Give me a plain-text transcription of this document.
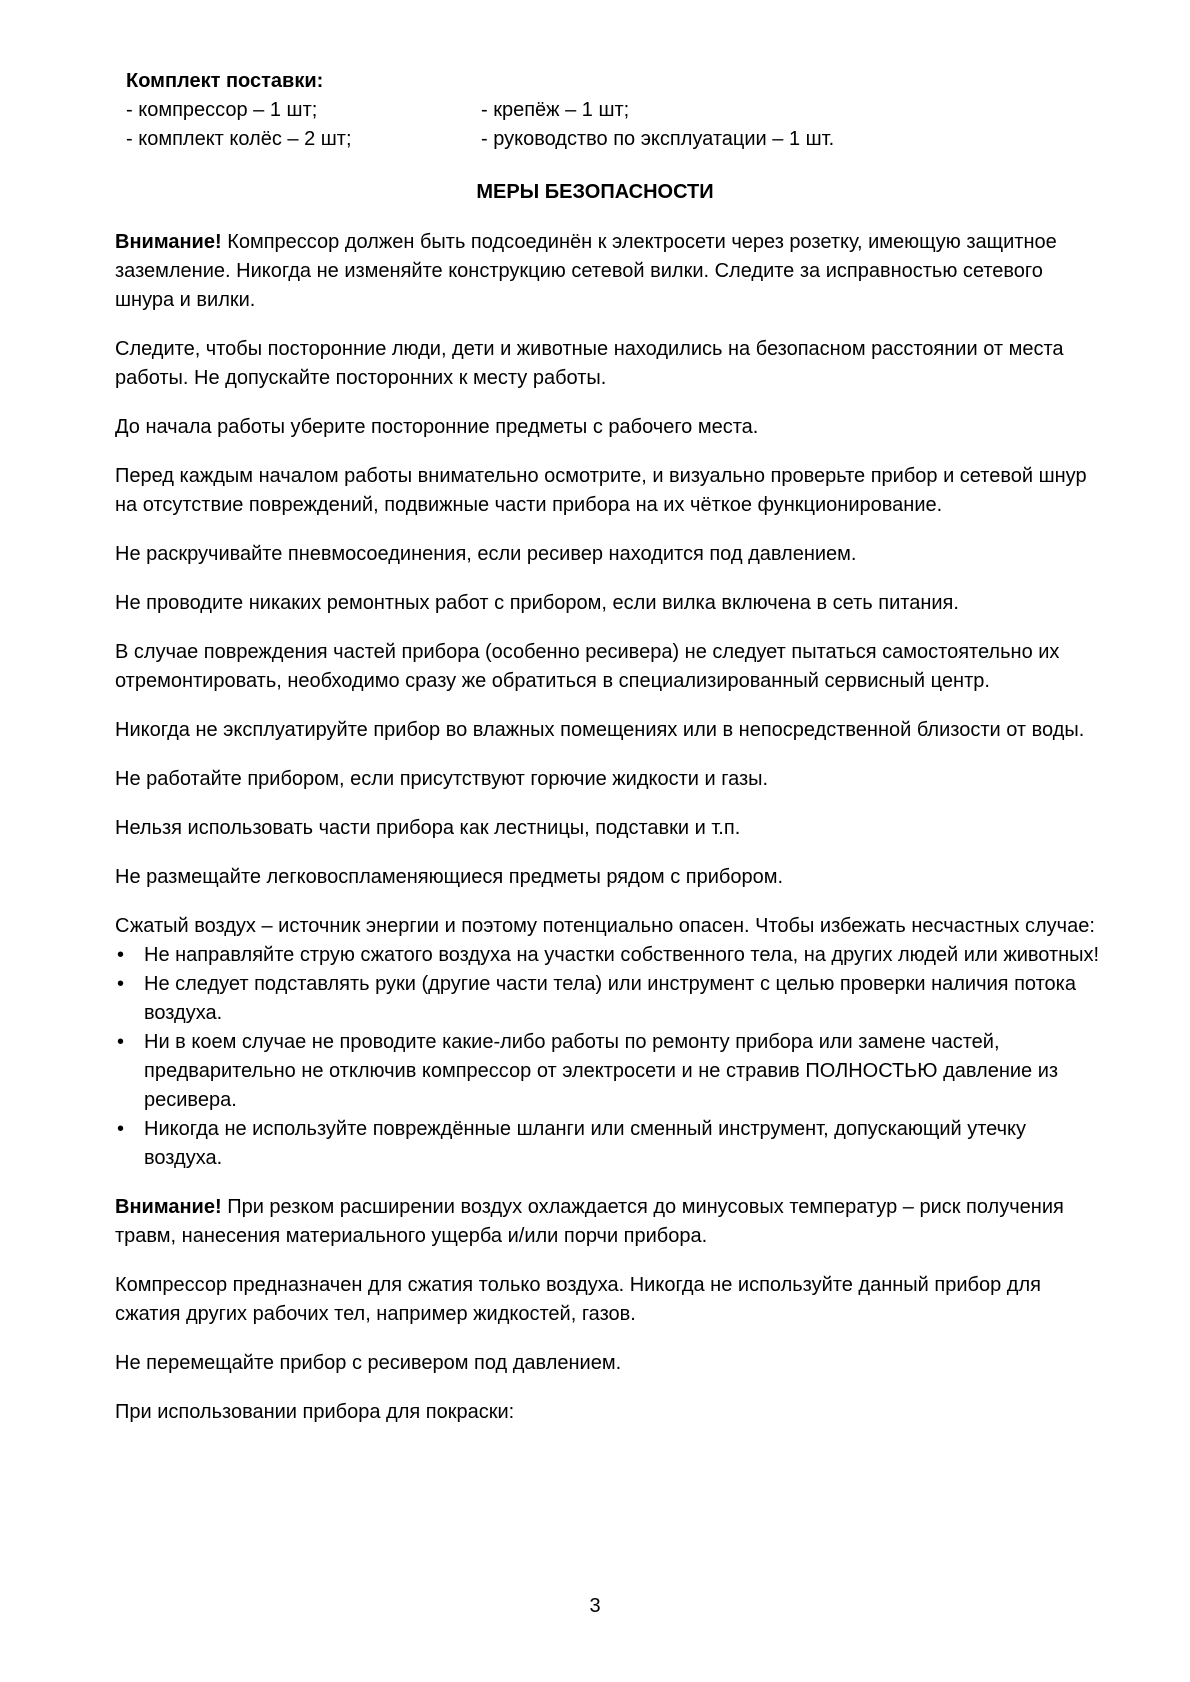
Комплект поставки:
- компрессор – 1 шт;	- крепёж – 1 шт;
- комплект колёс – 2 шт;	- руководство по эксплуатации – 1 шт.
МЕРЫ БЕЗОПАСНОСТИ

Внимание! Компрессор должен быть подсоединён к электросети через розетку, имеющую защитное заземление. Никогда не изменяйте конструкцию сетевой вилки. Следите за исправностью сетевого шнура и вилки.

Следите, чтобы посторонние люди, дети и животные находились на безопасном расстоянии от места работы. Не допускайте посторонних к месту работы.

До начала работы уберите посторонние предметы с рабочего места.

Перед каждым началом работы внимательно осмотрите, и визуально проверьте прибор и сетевой шнур на отсутствие повреждений, подвижные части прибора на их чёткое функционирование.

Не раскручивайте пневмосоединения, если ресивер находится под давлением.

Не проводите никаких ремонтных работ с прибором, если вилка включена в сеть питания.

В случае повреждения частей прибора (особенно ресивера) не следует пытаться самостоятельно их отремонтировать, необходимо сразу же обратиться в специализированный сервисный центр.

Никогда не эксплуатируйте прибор во влажных помещениях или в непосредственной близости от воды.

Не работайте прибором, если присутствуют горючие жидкости и газы.

Нельзя использовать части прибора как лестницы, подставки и т.п.

Не размещайте легковоспламеняющиеся предметы рядом с прибором.

Сжатый воздух – источник энергии и поэтому потенциально опасен. Чтобы избежать несчастных случае:

• Не направляйте струю сжатого воздуха на участки собственного тела, на других людей или животных!
• Не следует подставлять руки (другие части тела) или инструмент с целью проверки наличия потока воздуха.
• Ни в коем случае не проводите какие-либо работы по ремонту прибора или замене частей, предварительно не отключив компрессор от электросети и не стравив ПОЛНОСТЬЮ давление из ресивера.
• Никогда не используйте повреждённые шланги или сменный инструмент, допускающий утечку воздуха.

Внимание! При резком расширении воздух охлаждается до минусовых температур – риск получения травм, нанесения материального ущерба и/или порчи прибора.

Компрессор предназначен для сжатия только воздуха. Никогда не используйте данный прибор для сжатия других рабочих тел, например жидкостей, газов.

Не перемещайте прибор с ресивером под давлением.

При использовании прибора для покраски:

3
